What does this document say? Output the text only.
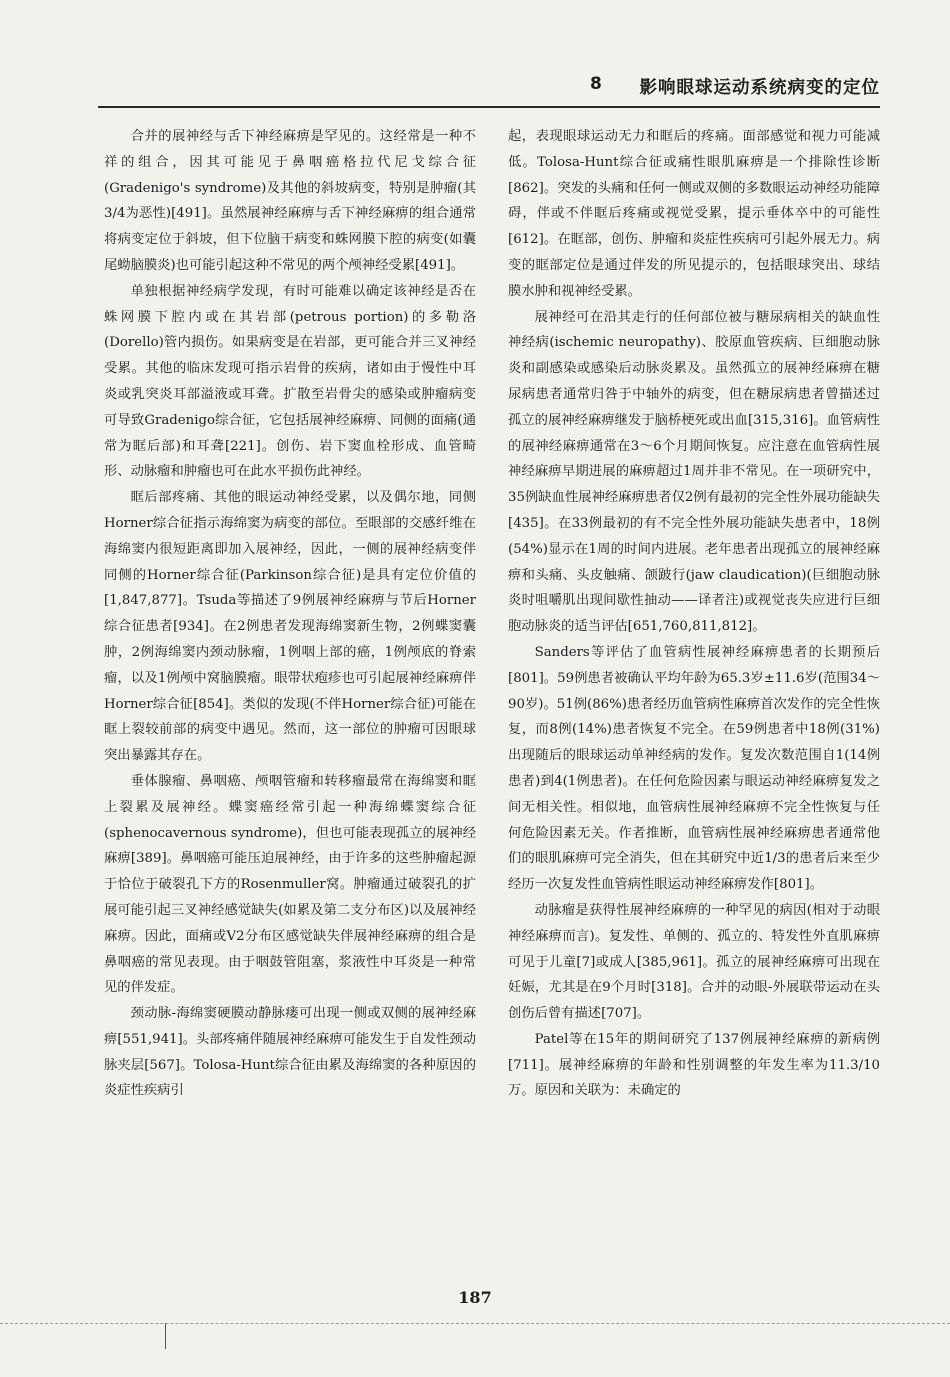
8 影响眼球运动系统病变的定位

合并的展神经与舌下神经麻痹是罕见的。这经常是一种不祥的组合，因其可能见于鼻咽癌格拉代尼戈综合征(Gradenigo's syndrome)及其他的斜坡病变，特别是肿瘤(其3/4为恶性)[491]。虽然展神经麻痹与舌下神经麻痹的组合通常将病变定位于斜坡，但下位脑干病变和蛛网膜下腔的病变(如囊尾蚴脑膜炎)也可能引起这种不常见的两个颅神经受累[491]。

单独根据神经病学发现，有时可能难以确定该神经是否在蛛网膜下腔内或在其岩部(petrous portion)的多勒洛(Dorello)管内损伤。如果病变是在岩部，更可能合并三叉神经受累。其他的临床发现可指示岩骨的疾病，诸如由于慢性中耳炎或乳突炎耳部溢液或耳聋。扩散至岩骨尖的感染或肿瘤病变可导致Gradenigo综合征，它包括展神经麻痹、同侧的面痛(通常为眶后部)和耳聋[221]。创伤、岩下窦血栓形成、血管畸形、动脉瘤和肿瘤也可在此水平损伤此神经。

眶后部疼痛、其他的眼运动神经受累，以及偶尔地，同侧Horner综合征指示海绵窦为病变的部位。至眼部的交感纤维在海绵窦内很短距离即加入展神经，因此，一侧的展神经病变伴同侧的Horner综合征(Parkinson综合征)是具有定位价值的[1,847,877]。Tsuda等描述了9例展神经麻痹与节后Horner综合征患者[934]。在2例患者发现海绵窦新生物，2例蝶窦囊肿，2例海绵窦内颈动脉瘤，1例咽上部的癌，1例颅底的脊索瘤，以及1例颅中窝脑膜瘤。眼带状疱疹也可引起展神经麻痹伴Horner综合征[854]。类似的发现(不伴Horner综合征)可能在眶上裂较前部的病变中遇见。然而，这一部位的肿瘤可因眼球突出暴露其存在。

垂体腺瘤、鼻咽癌、颅咽管瘤和转移瘤最常在海绵窦和眶上裂累及展神经。蝶窦癌经常引起一种海绵蝶窦综合征(sphenocavernous syndrome)，但也可能表现孤立的展神经麻痹[389]。鼻咽癌可能压迫展神经，由于许多的这些肿瘤起源于恰位于破裂孔下方的Rosenmuller窝。肿瘤通过破裂孔的扩展可能引起三叉神经感觉缺失(如累及第二支分布区)以及展神经麻痹。因此，面痛或V2分布区感觉缺失伴展神经麻痹的组合是鼻咽癌的常见表现。由于咽鼓管阻塞，浆液性中耳炎是一种常见的伴发症。

颈动脉-海绵窦硬膜动静脉瘘可出现一侧或双侧的展神经麻痹[551,941]。头部疼痛伴随展神经麻痹可能发生于自发性颈动脉夹层[567]。Tolosa-Hunt综合征由累及海绵窦的各种原因的炎症性疾病引

起，表现眼球运动无力和眶后的疼痛。面部感觉和视力可能减低。Tolosa-Hunt综合征或痛性眼肌麻痹是一个排除性诊断[862]。突发的头痛和任何一侧或双侧的多数眼运动神经功能障碍，伴或不伴眶后疼痛或视觉受累，提示垂体卒中的可能性[612]。在眶部，创伤、肿瘤和炎症性疾病可引起外展无力。病变的眶部定位是通过伴发的所见提示的，包括眼球突出、球结膜水肿和视神经受累。

展神经可在沿其走行的任何部位被与糖尿病相关的缺血性神经病(ischemic neuropathy)、胶原血管疾病、巨细胞动脉炎和副感染或感染后动脉炎累及。虽然孤立的展神经麻痹在糖尿病患者通常归咎于中轴外的病变，但在糖尿病患者曾描述过孤立的展神经麻痹继发于脑桥梗死或出血[315,316]。血管病性的展神经麻痹通常在3～6个月期间恢复。应注意在血管病性展神经麻痹早期进展的麻痹超过1周并非不常见。在一项研究中，35例缺血性展神经麻痹患者仅2例有最初的完全性外展功能缺失[435]。在33例最初的有不完全性外展功能缺失患者中，18例(54%)显示在1周的时间内进展。老年患者出现孤立的展神经麻痹和头痛、头皮触痛、颌跛行(jaw claudication)(巨细胞动脉炎时咀嚼肌出现间歇性抽动——译者注)或视觉丧失应进行巨细胞动脉炎的适当评估[651,760,811,812]。

Sanders等评估了血管病性展神经麻痹患者的长期预后[801]。59例患者被确认平均年龄为65.3岁±11.6岁(范围34～90岁)。51例(86%)患者经历血管病性麻痹首次发作的完全性恢复，而8例(14%)患者恢复不完全。在59例患者中18例(31%)出现随后的眼球运动单神经病的发作。复发次数范围自1(14例患者)到4(1例患者)。在任何危险因素与眼运动神经麻痹复发之间无相关性。相似地，血管病性展神经麻痹不完全性恢复与任何危险因素无关。作者推断，血管病性展神经麻痹患者通常他们的眼肌麻痹可完全消失，但在其研究中近1/3的患者后来至少经历一次复发性血管病性眼运动神经麻痹发作[801]。

动脉瘤是获得性展神经麻痹的一种罕见的病因(相对于动眼神经麻痹而言)。复发性、单侧的、孤立的、特发性外直肌麻痹可见于儿童[7]或成人[385,961]。孤立的展神经麻痹可出现在妊娠，尤其是在9个月时[318]。合并的动眼-外展联带运动在头创伤后曾有描述[707]。

Patel等在15年的期间研究了137例展神经麻痹的新病例[711]。展神经麻痹的年龄和性别调整的年发生率为11.3/10万。原因和关联为：未确定的

187
